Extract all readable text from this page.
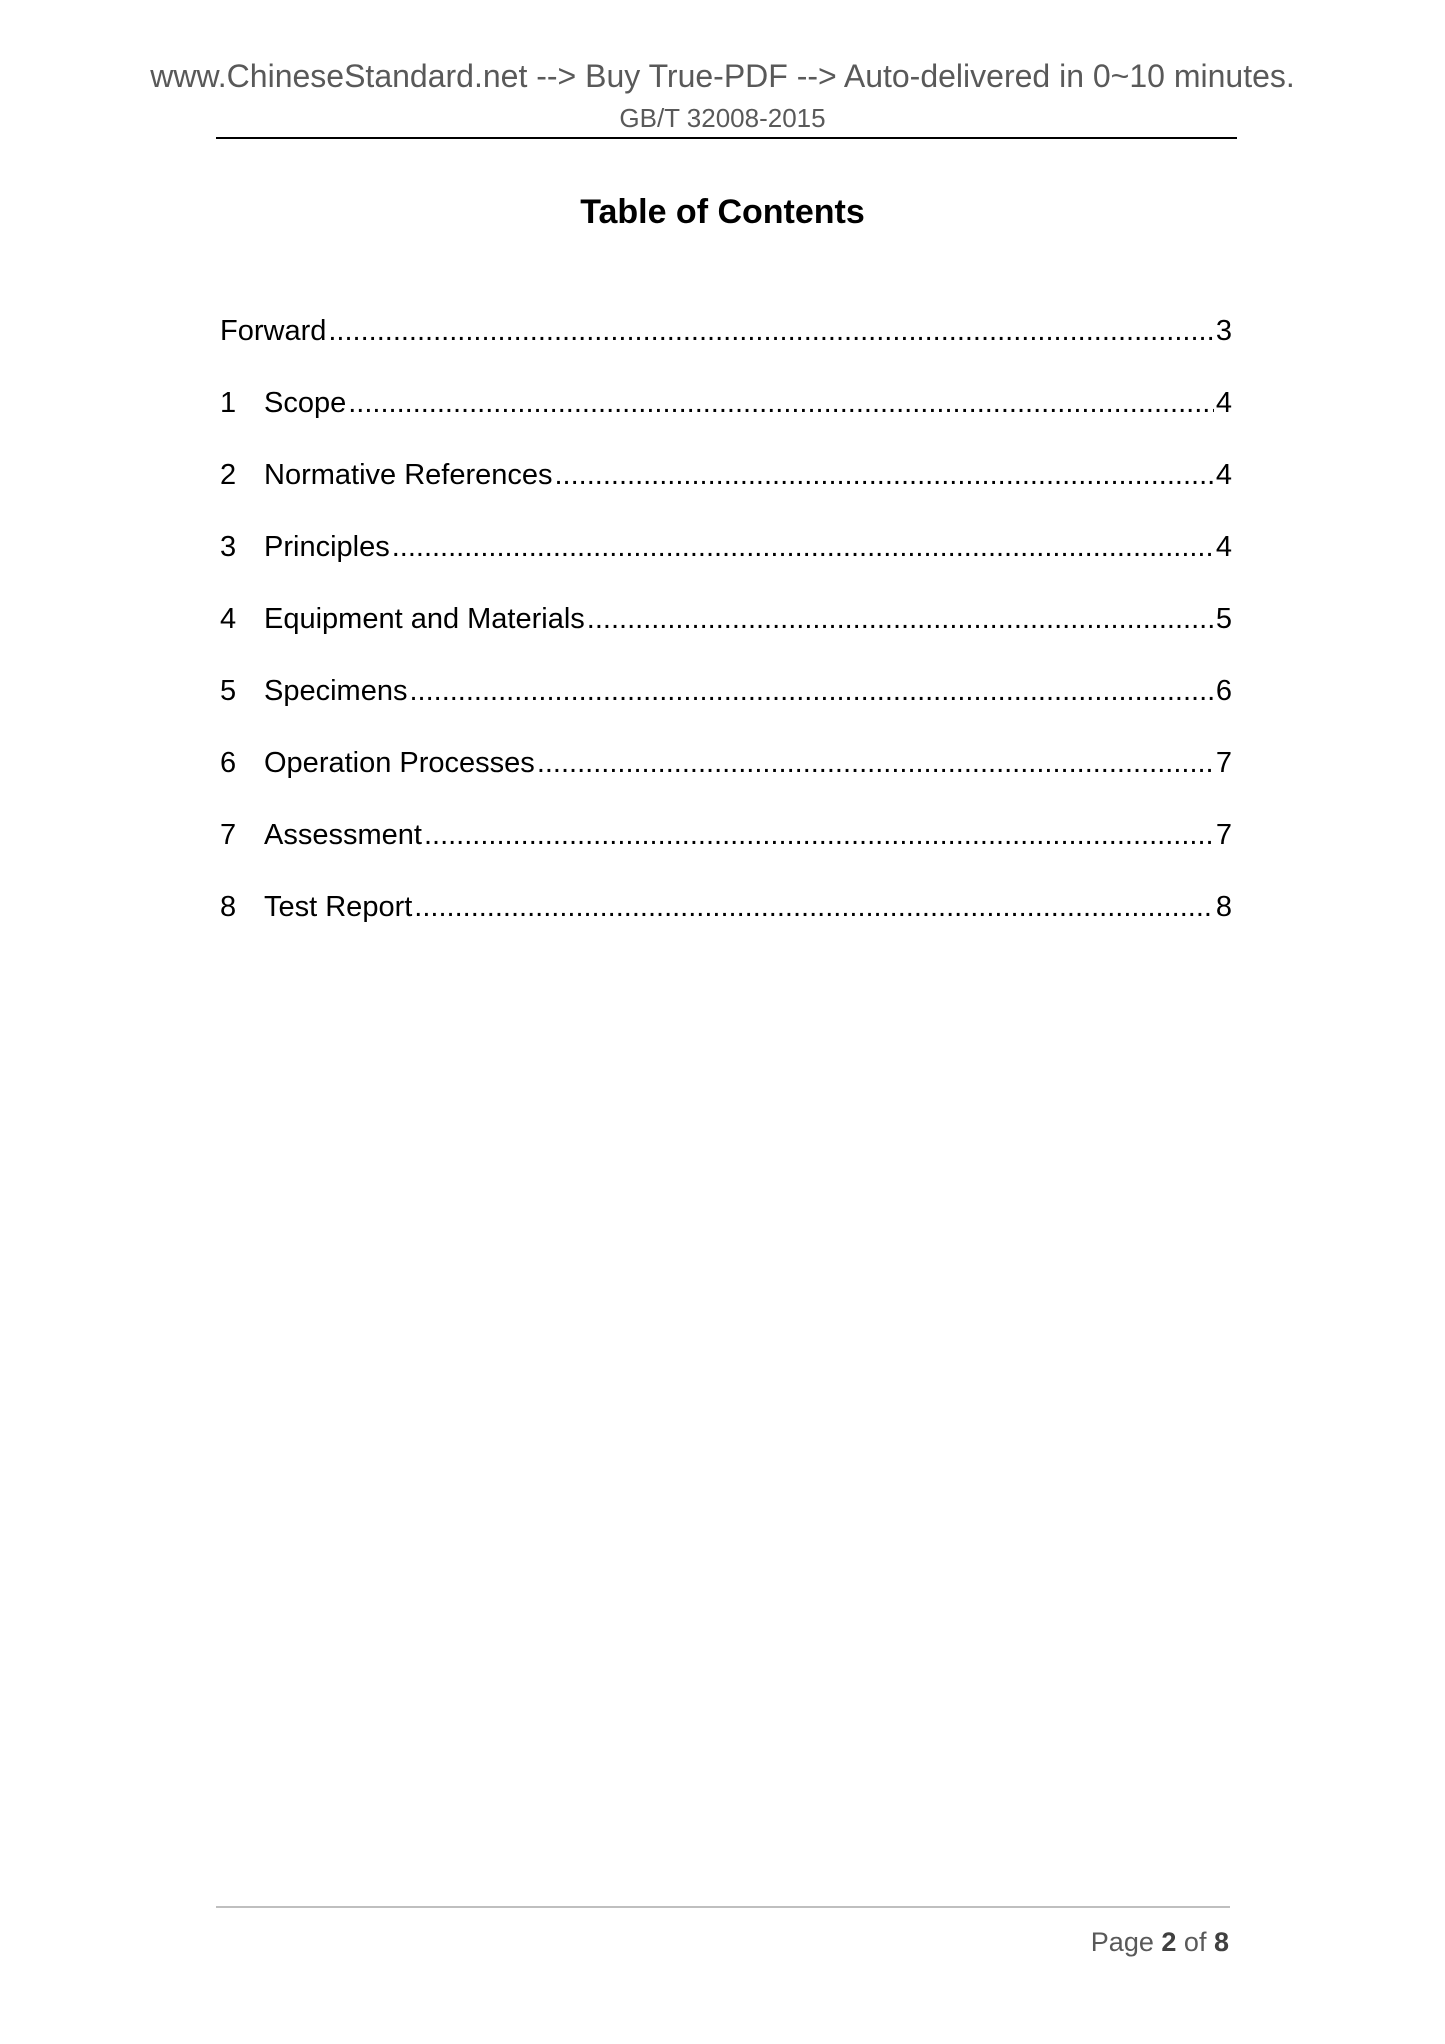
www.ChineseStandard.net --> Buy True-PDF --> Auto-delivered in 0~10 minutes.
GB/T 32008-2015
Table of Contents
Forward .....	3
1 Scope .....	4
2 Normative References .....	4
3 Principles .....	4
4 Equipment and Materials .....	5
5 Specimens .....	6
6 Operation Processes .....	7
7 Assessment .....	7
8 Test Report .....	8
Page 2 of 8
